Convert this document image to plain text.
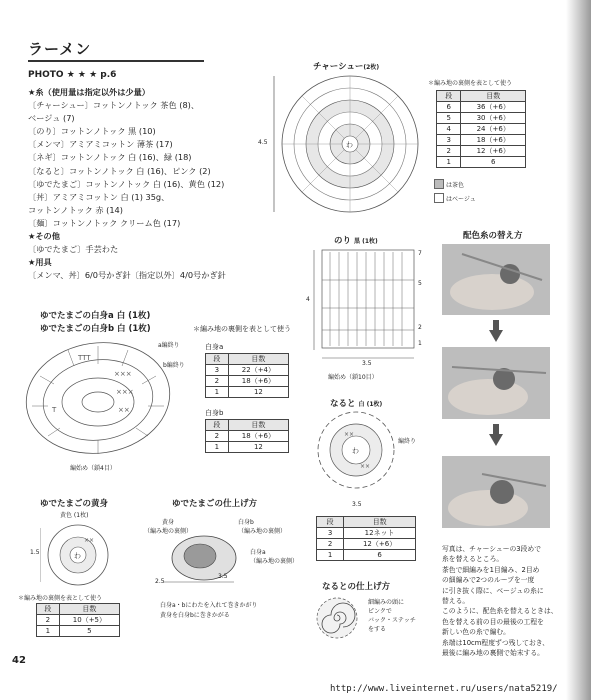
ラーメン
PHOTO ★ ★ ★ p.6
★糸（使用量は指定以外は少量）
〔チャーシュー〕コットンノトック 茶色 (8)、
ベージュ (7)
〔のり〕コットンノトック 黒 (10)
〔メンマ〕アミアミコットン 薄茶 (17)
〔ネギ〕コットンノトック 白 (16)、緑 (18)
〔なると〕コットンノトック 白 (16)、ピンク (2)
〔ゆでたまご〕コットンノトック 白 (16)、黄色 (12)
〔丼〕アミアミコットン 白 (1) 35g、
コットンノトック 赤 (14)
〔麺〕コットンノトック クリーム色 (17)
★その他
〔ゆでたまご〕手芸わた
★用具
〔メンマ、丼〕6/0号かぎ針〔指定以外〕4/0号かぎ針
ゆでたまごの白身a 白 (1枚)
ゆでたまごの白身b 白 (1枚)
×××
×××
××
T
TTT
a編終り
b編終り
編始め（鎖4目）
＊編み地の裏側を表として使う
白身a
段	目数
3	22（+4）
2	18（+6）
1	12
白身b
段	目数
2	18（+6）
1	12
チャーシュー(2枚)
4.5	わ
＊編み地の裏側を表として使う
段	目数
6	36（+6）
5	30（+6）
4	24（+6）
3	18（+6）
2	12（+6）
1	6
は茶色
はベージュ
のり 黒 (1枚)
4
7
5
2
1
3.5
編始め（鎖10目）
なると 白 (1枚)
わ
××
××
編終り
3.5
段	目数
3	12ネット
2	12（+6）
1	6
なるとの仕上げ方
細編みの頭に
ピンクで
バック・ステッチ
をする
ゆでたまごの黄身
黄色 (1枚)
1.5	わ
××
＊編み地の裏側を表として使う
段	目数
2	10（+5）
1	5
ゆでたまごの仕上げ方
黄身
（編み地の裏側）
白身b
（編み地の裏側）
白身a
（編み地の裏側）
2.5
3.5
白身a・bにわたを入れて巻きかがり
黄身を白身bに巻きかがる
配色糸の替え方
写真は、チャーシューの3段めで
糸を替えるところ。
茶色で細編みを1目編み、2目め
の細編みで2つのループを一度
に引き抜く際に、ベージュの糸に
替える。
このように、配色糸を替えるときは、
色を替える前の目の最後の工程を
新しい色の糸で編む。
糸端は10cm程度ずつ残しておき、
最後に編み地の裏側で始末する。
42
http://www.liveinternet.ru/users/nata5219/
